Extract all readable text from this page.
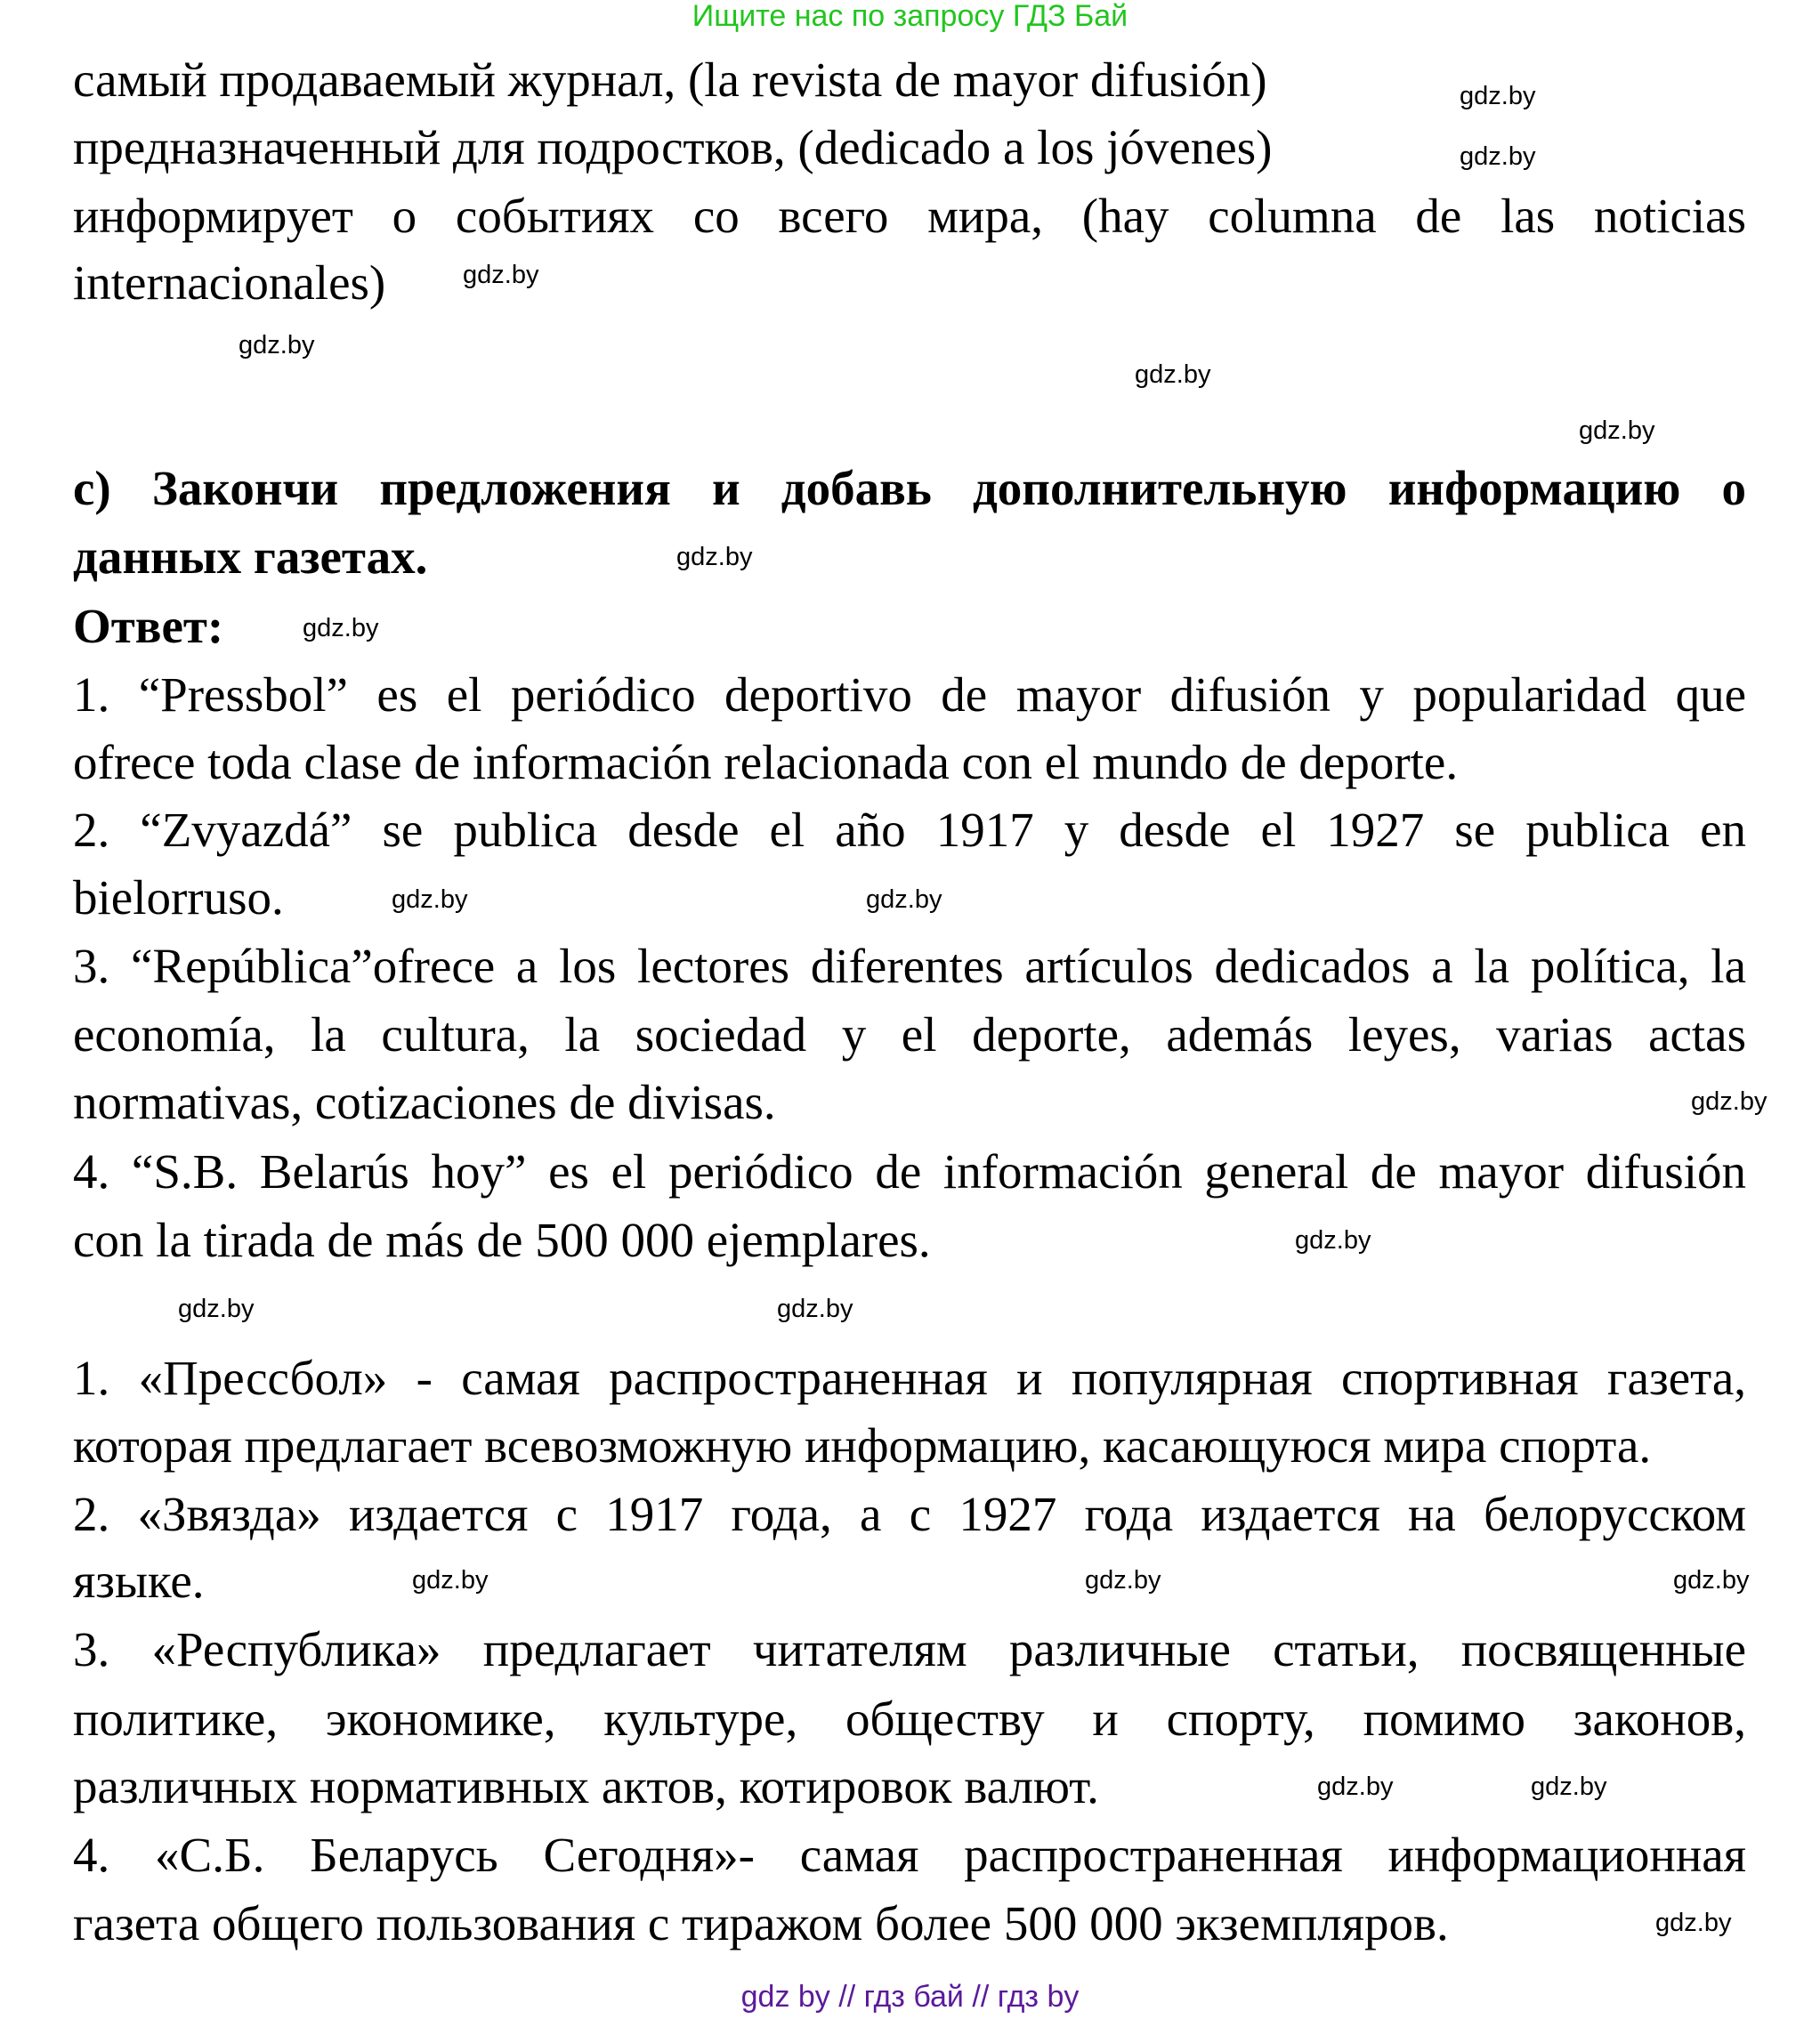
Ищите нас по запросу ГДЗ Бай
самый продаваемый журнал, (la revista de mayor difusión)
предназначенный для подростков, (dedicado a los jóvenes)
информирует о событиях со всего мира, (hay columna de las noticias
internacionales)
c) Закончи предложения и добавь дополнительную информацию о
данных газетах.
Ответ:
1. “Pressbol” es el periódico deportivo de mayor difusión y popularidad que
ofrece toda clase de información relacionada con el mundo de deporte.
2. “Zvyazdá” se publica desde el año 1917 y desde el 1927 se publica en
bielorruso.
3. “República”ofrece a los lectores diferentes artículos dedicados a la política, la
economía, la cultura, la sociedad y el deporte, además leyes, varias actas
normativas, cotizaciones de divisas.
4. “S.B. Belarús hoy” es el periódico de información general de mayor difusión
con la tirada de más de 500 000 ejemplares.
1. «Прессбол» - самая распространенная и популярная спортивная газета,
которая предлагает всевозможную информацию, касающуюся мира спорта.
2. «Звязда» издается с 1917 года, а с 1927 года издается на белорусском
языке.
3. «Республика» предлагает читателям различные статьи, посвященные
политике, экономике, культуре, обществу и спорту, помимо законов,
различных нормативных актов, котировок валют.
4. «С.Б. Беларусь Сегодня»- самая распространенная информационная
газета общего пользования с тиражом более 500 000 экземпляров.
gdz.by
gdz.by
gdz.by
gdz.by
gdz.by
gdz.by
gdz.by
gdz.by
gdz.by	gdz.by
gdz.by
gdz.by
gdz.by
gdz.by
gdz.by
gdz.by
gdz.by	gdz.by
gdz.by
gdz.by
gdz by // гдз бай // гдз by
